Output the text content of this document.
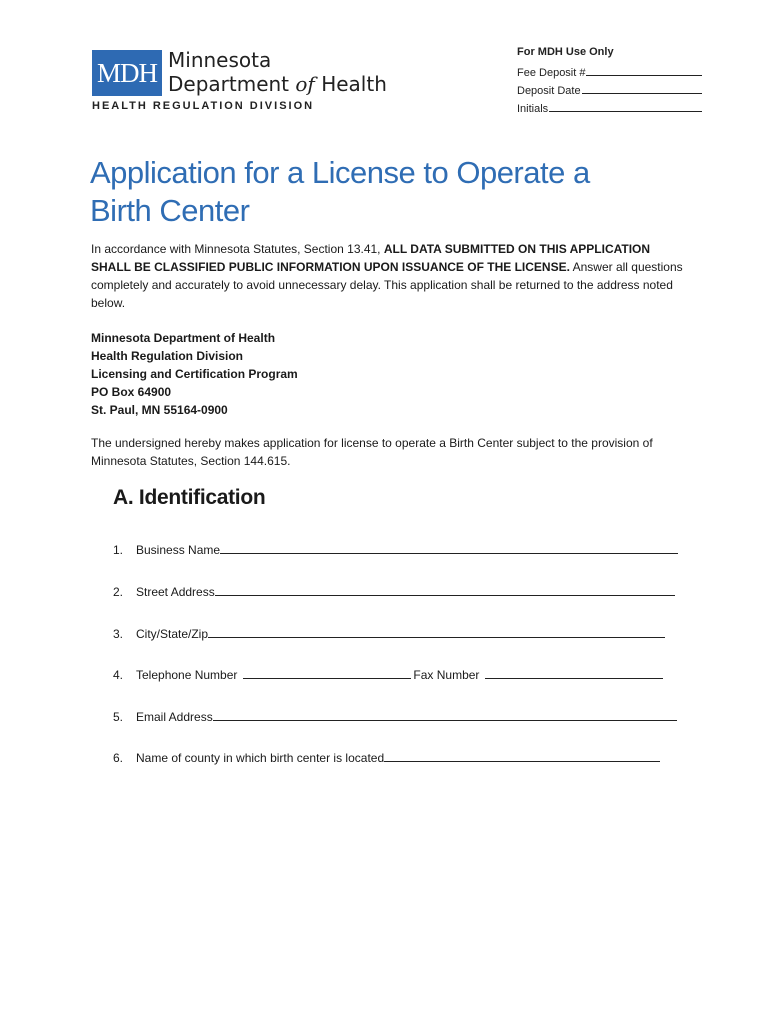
MDH Minnesota
Department of Health
HEALTH REGULATION DIVISION
For MDH Use Only
Fee Deposit #
Deposit Date
Initials
Application for a License to Operate a
Birth Center
In accordance with Minnesota Statutes, Section 13.41, ALL DATA SUBMITTED ON THIS APPLICATION SHALL BE CLASSIFIED PUBLIC INFORMATION UPON ISSUANCE OF THE LICENSE. Answer all questions completely and accurately to avoid unnecessary delay. This application shall be returned to the address noted below.
Minnesota Department of Health
Health Regulation Division
Licensing and Certification Program
PO Box 64900
St. Paul, MN 55164-0900
The undersigned hereby makes application for license to operate a Birth Center subject to the provision of Minnesota Statutes, Section 144.615.
A. Identification
1.	Business Name
2.	Street Address
3.	City/State/Zip
4.	Telephone Number	Fax Number
5.	Email Address
6.	Name of county in which birth center is located
